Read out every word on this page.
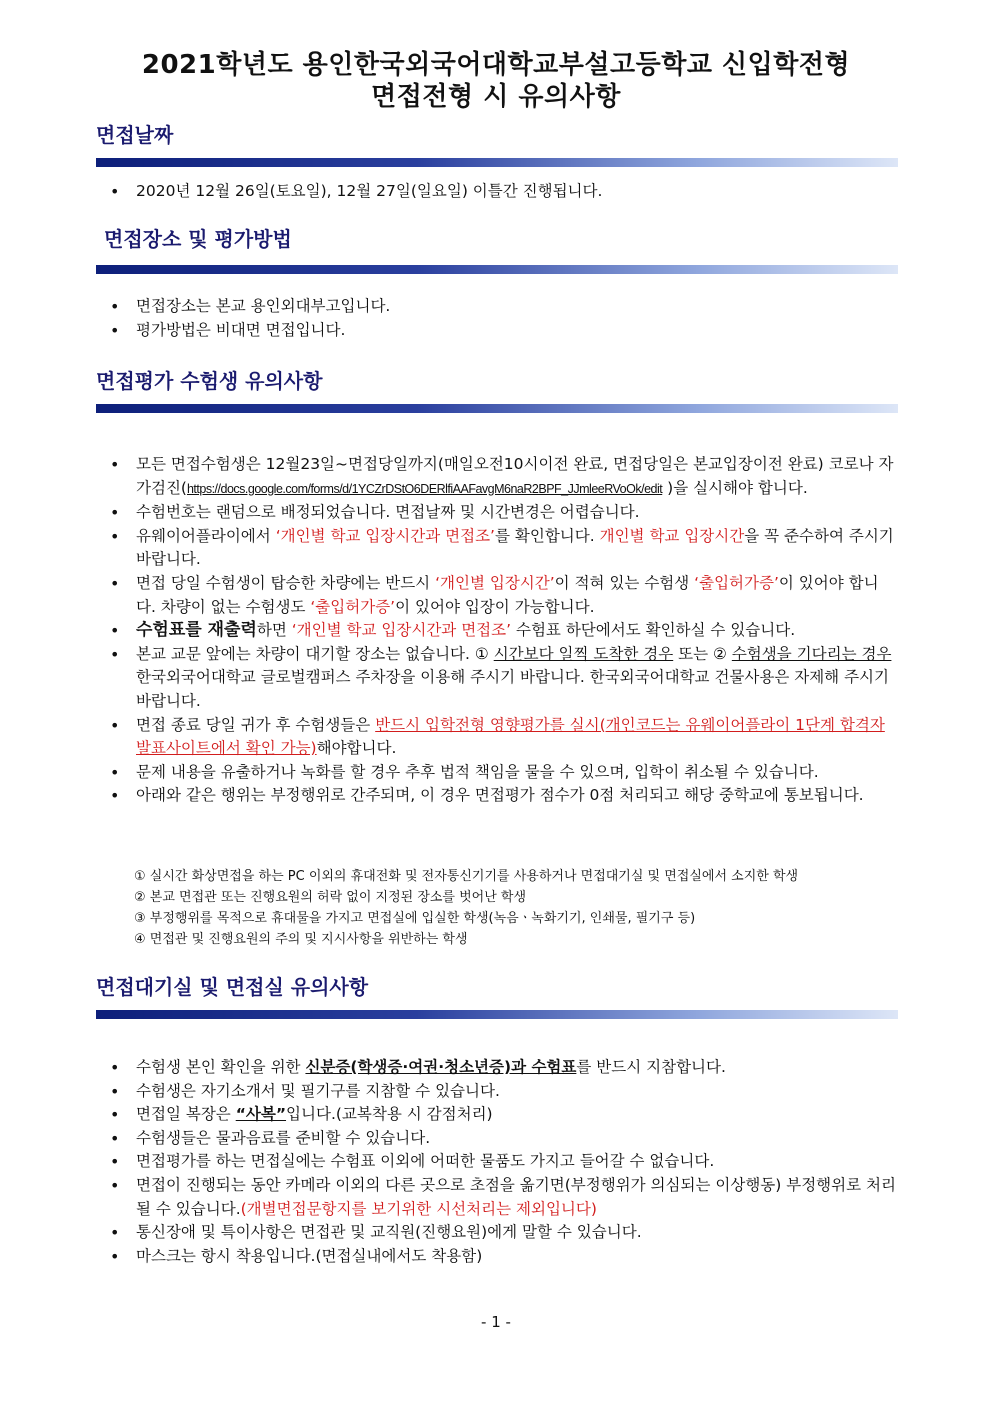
2021학년도 용인한국외국어대학교부설고등학교 신입학전형
면접전형 시 유의사항
면접날짜
• 2020년 12월 26일(토요일), 12월 27일(일요일) 이틀간 진행됩니다.
면접장소 및 평가방법
• 면접장소는 본교 용인외대부고입니다.
• 평가방법은 비대면 면접입니다.
면접평가 수험생 유의사항
• 모든 면접수험생은 12월23일~면접당일까지(매일오전10시이전 완료, 면접당일은 본교입장이전 완료) 코로나 자가검진(https://docs.google.com/forms/d/1YCZrDStO6DERlfiAAFavgM6naR2BPF_JJmleeRVoOk/edit )을 실시해야 합니다.
• 수험번호는 랜덤으로 배정되었습니다. 면접날짜 및 시간변경은 어렵습니다.
• 유웨이어플라이에서 ‘개인별 학교 입장시간과 면접조’를 확인합니다. 개인별 학교 입장시간을 꼭 준수하여 주시기 바랍니다.
• 면접 당일 수험생이 탑승한 차량에는 반드시 ‘개인별 입장시간’이 적혀 있는 수험생 ‘출입허가증’이 있어야 합니다. 차량이 없는 수험생도 ‘출입허가증’이 있어야 입장이 가능합니다.
• 수험표를 재출력하면 ‘개인별 학교 입장시간과 면접조’ 수험표 하단에서도 확인하실 수 있습니다.
• 본교 교문 앞에는 차량이 대기할 장소는 없습니다. ① 시간보다 일찍 도착한 경우 또는 ② 수험생을 기다리는 경우 한국외국어대학교 글로벌캠퍼스 주차장을 이용해 주시기 바랍니다. 한국외국어대학교 건물사용은 자제해 주시기 바랍니다.
• 면접 종료 당일 귀가 후 수험생들은 반드시 입학전형 영향평가를 실시(개인코드는 유웨이어플라이 1단계 합격자 발표사이트에서 확인 가능)해야합니다.
• 문제 내용을 유출하거나 녹화를 할 경우 추후 법적 책임을 물을 수 있으며, 입학이 취소될 수 있습니다.
• 아래와 같은 행위는 부정행위로 간주되며, 이 경우 면접평가 점수가 0점 처리되고 해당 중학교에 통보됩니다.
① 실시간 화상면접을 하는 PC 이외의 휴대전화 및 전자통신기기를 사용하거나 면접대기실 및 면접실에서 소지한 학생
② 본교 면접관 또는 진행요원의 허락 없이 지정된 장소를 벗어난 학생
③ 부정행위를 목적으로 휴대물을 가지고 면접실에 입실한 학생(녹음ㆍ녹화기기, 인쇄물, 필기구 등)
④ 면접관 및 진행요원의 주의 및 지시사항을 위반하는 학생
면접대기실 및 면접실 유의사항
• 수험생 본인 확인을 위한 신분증(학생증·여권·청소년증)과 수험표를 반드시 지참합니다.
• 수험생은 자기소개서 및 필기구를 지참할 수 있습니다.
• 면접일 복장은 “사복”입니다.(교복착용 시 감점처리)
• 수험생들은 물과음료를 준비할 수 있습니다.
• 면접평가를 하는 면접실에는 수험표 이외에 어떠한 물품도 가지고 들어갈 수 없습니다.
• 면접이 진행되는 동안 카메라 이외의 다른 곳으로 초점을 옮기면(부정행위가 의심되는 이상행동) 부정행위로 처리될 수 있습니다.(개별면접문항지를 보기위한 시선처리는 제외입니다)
• 통신장애 및 특이사항은 면접관 및 교직원(진행요원)에게 말할 수 있습니다.
• 마스크는 항시 착용입니다.(면접실내에서도 착용함)
- 1 -
